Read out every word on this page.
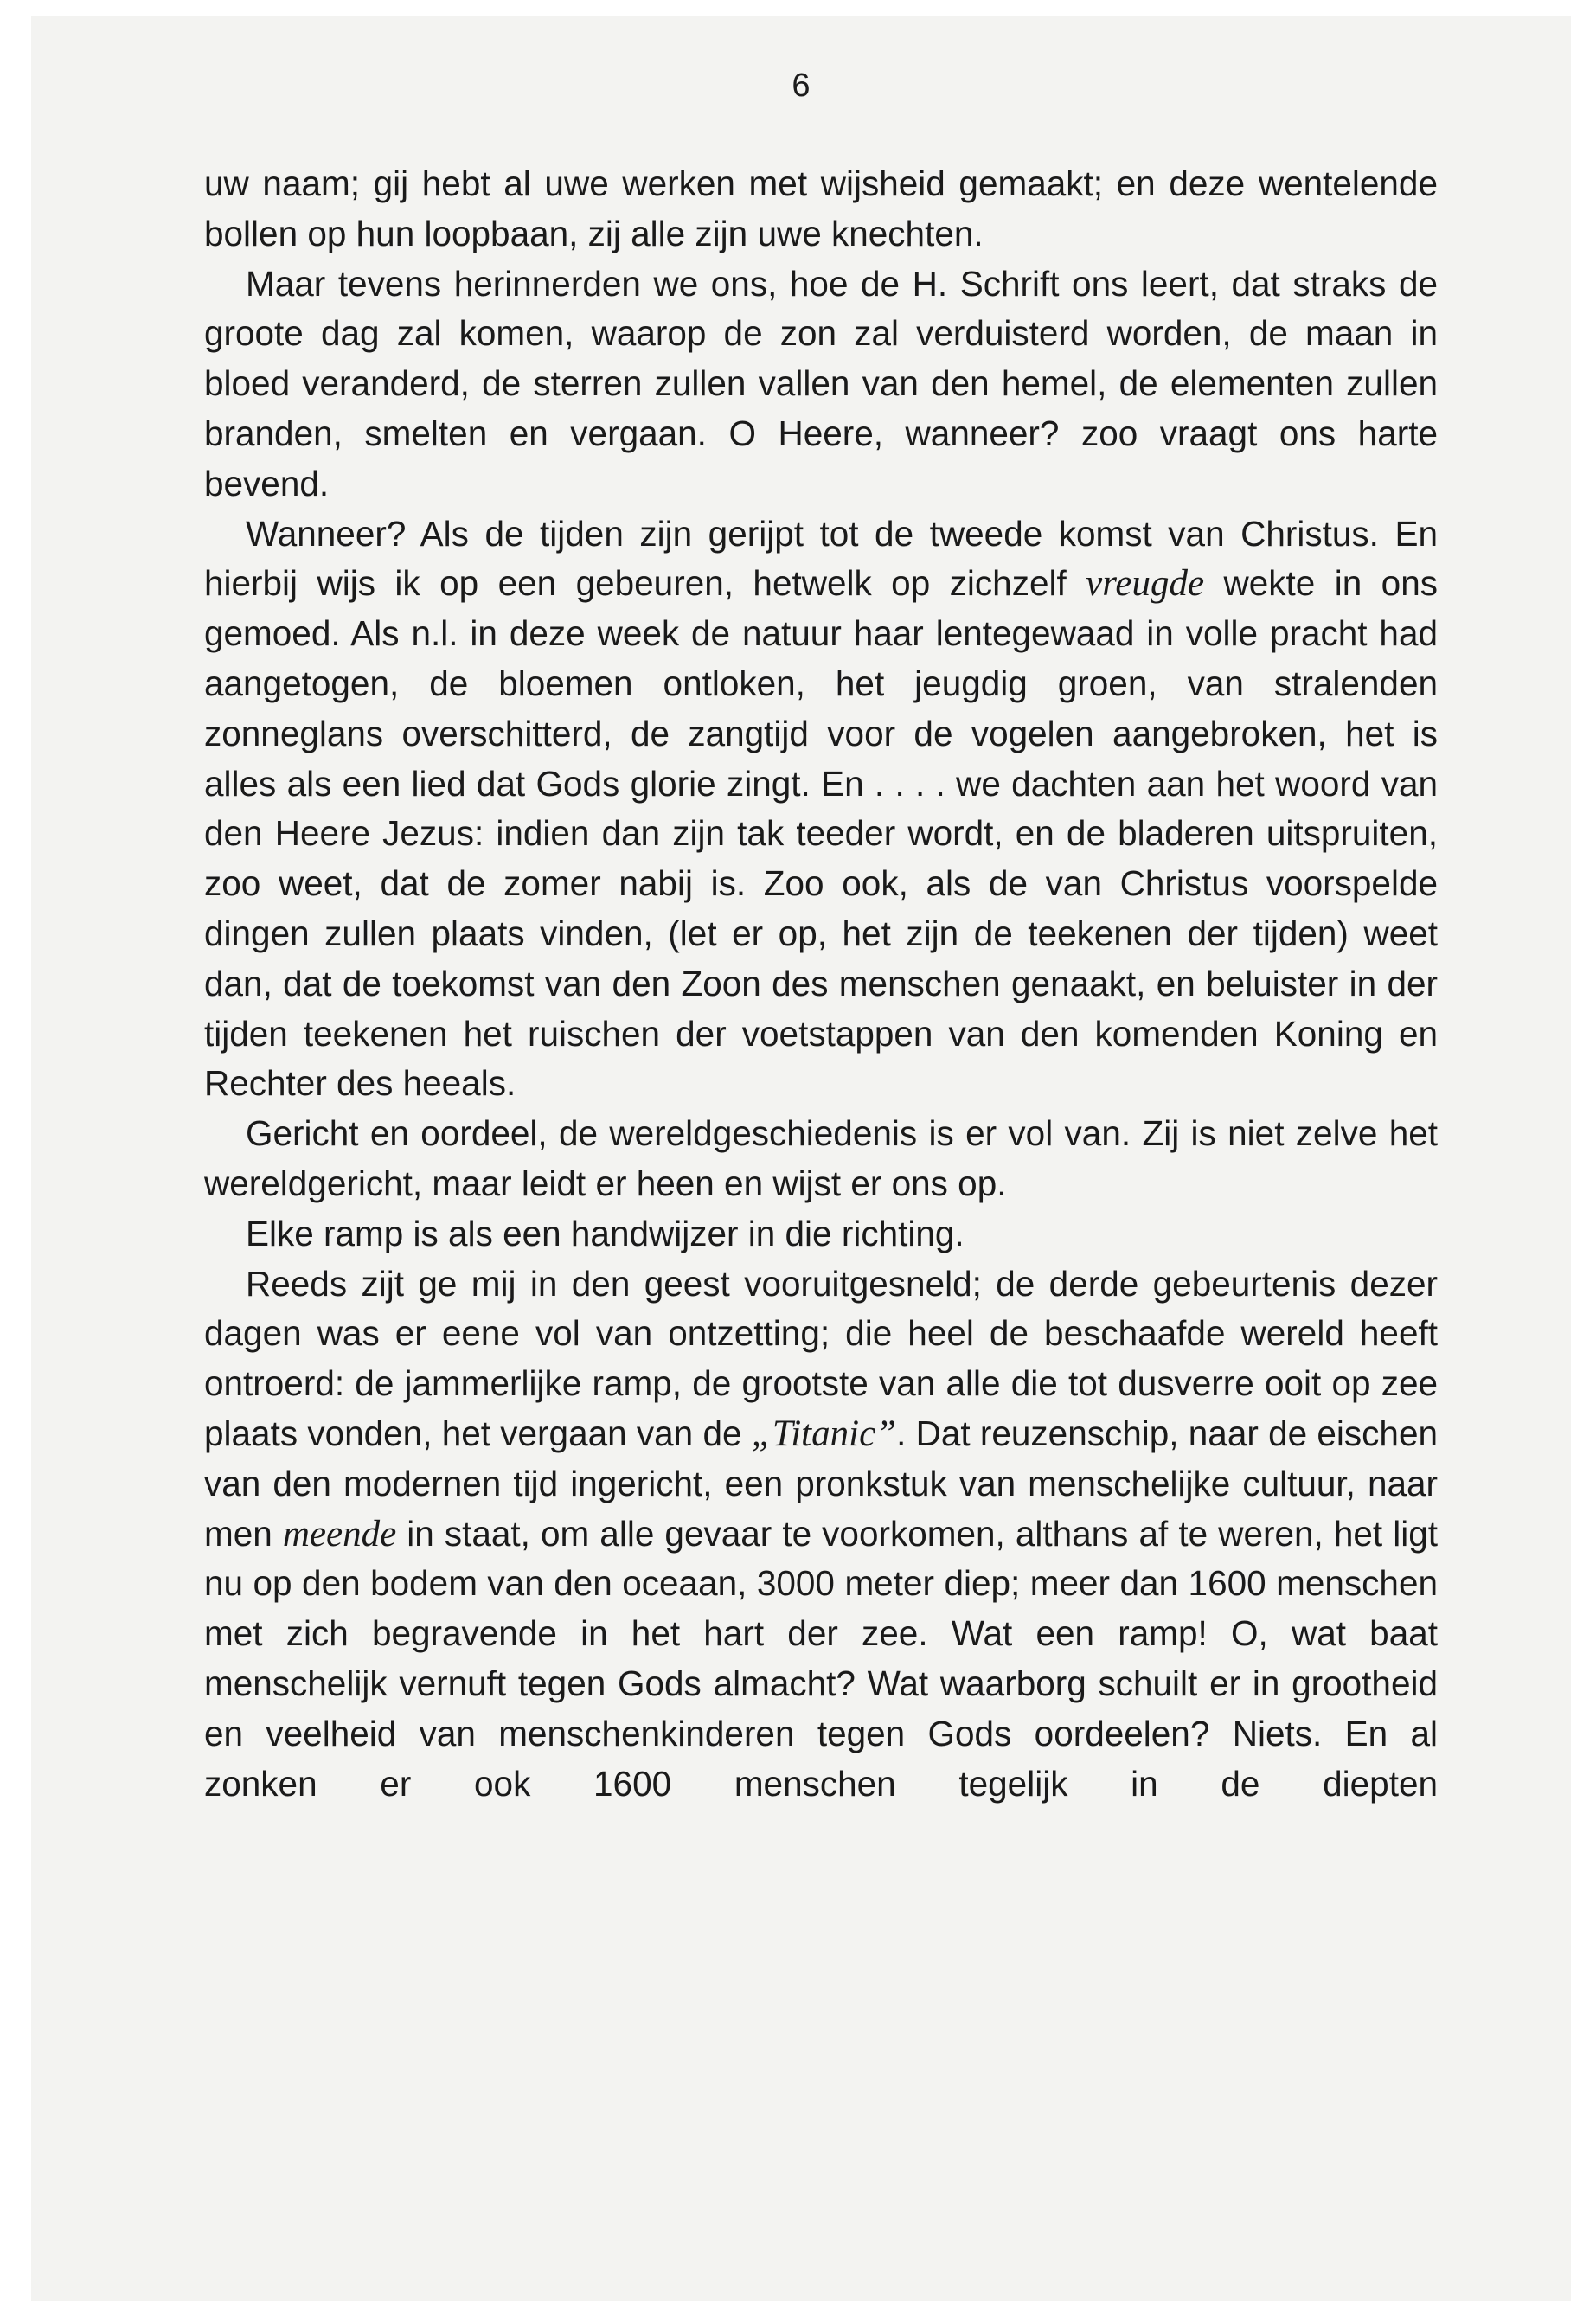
6

uw naam; gij hebt al uwe werken met wijsheid gemaakt; en deze wentelende bollen op hun loopbaan, zij alle zijn uwe knechten.

Maar tevens herinnerden we ons, hoe de H. Schrift ons leert, dat straks de groote dag zal komen, waarop de zon zal verduisterd worden, de maan in bloed veranderd, de sterren zullen vallen van den hemel, de elementen zullen branden, smelten en vergaan. O Heere, wanneer? zoo vraagt ons harte bevend.

Wanneer? Als de tijden zijn gerijpt tot de tweede komst van Christus. En hierbij wijs ik op een gebeuren, hetwelk op zichzelf vreugde wekte in ons gemoed. Als n.l. in deze week de natuur haar lentegewaad in volle pracht had aangetogen, de bloemen ontloken, het jeugdig groen, van stralenden zonneglans overschitterd, de zangtijd voor de vogelen aangebroken, het is alles als een lied dat Gods glorie zingt. En . . . . we dachten aan het woord van den Heere Jezus: indien dan zijn tak teeder wordt, en de bladeren uitspruiten, zoo weet, dat de zomer nabij is. Zoo ook, als de van Christus voorspelde dingen zullen plaats vinden, (let er op, het zijn de teekenen der tijden) weet dan, dat de toekomst van den Zoon des menschen genaakt, en beluister in der tijden teekenen het ruischen der voetstappen van den komenden Koning en Rechter des heeals.

Gericht en oordeel, de wereldgeschiedenis is er vol van. Zij is niet zelve het wereldgericht, maar leidt er heen en wijst er ons op.

Elke ramp is als een handwijzer in die richting.

Reeds zijt ge mij in den geest vooruitgesneld; de derde gebeurtenis dezer dagen was er eene vol van ontzetting; die heel de beschaafde wereld heeft ontroerd: de jammerlijke ramp, de grootste van alle die tot dusverre ooit op zee plaats vonden, het vergaan van de „Titanic”. Dat reuzenschip, naar de eischen van den modernen tijd ingericht, een pronkstuk van menschelijke cultuur, naar men meende in staat, om alle gevaar te voorkomen, althans af te weren, het ligt nu op den bodem van den oceaan, 3000 meter diep; meer dan 1600 menschen met zich begravende in het hart der zee. Wat een ramp! O, wat baat menschelijk vernuft tegen Gods almacht? Wat waarborg schuilt er in grootheid en veelheid van menschenkinderen tegen Gods oordeelen? Niets. En al zonken er ook 1600 menschen tegelijk in de diepten
